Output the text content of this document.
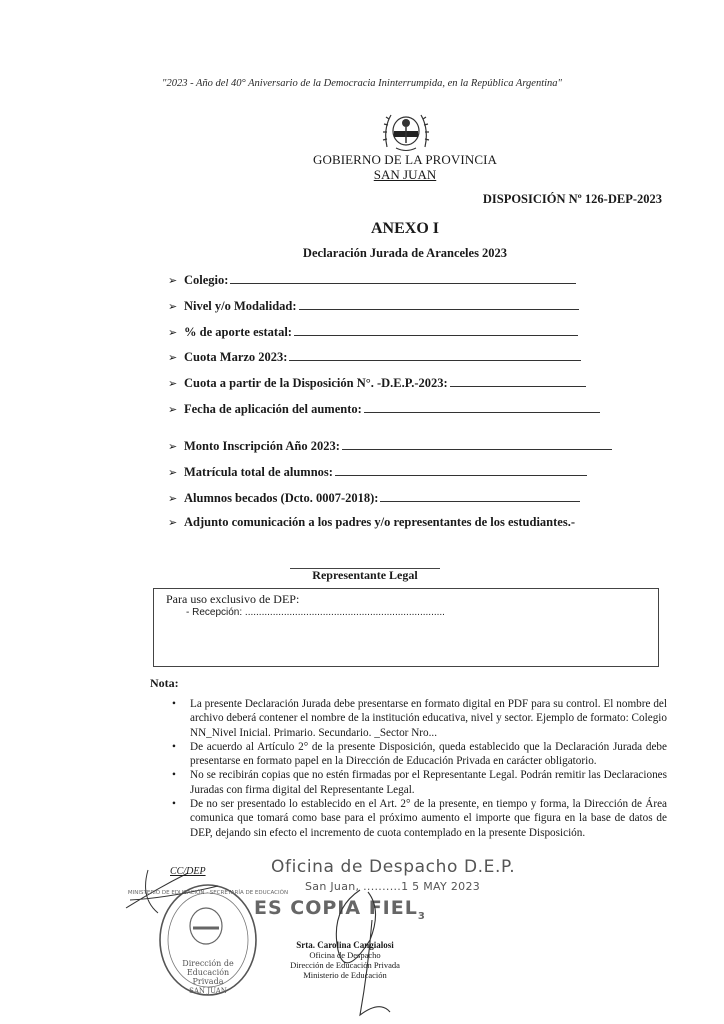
"2023 - Año del 40° Aniversario de la Democracia Ininterrumpida, en la República Argentina"
GOBIERNO DE LA PROVINCIA
SAN JUAN
DISPOSICIÓN Nº 126-DEP-2023
ANEXO I
Declaración Jurada de Aranceles 2023
➢ Colegio:
➢ Nivel y/o Modalidad:
➢ % de aporte estatal:
➢ Cuota Marzo 2023:
➢ Cuota a partir de la Disposición N°. -D.E.P.-2023:
➢ Fecha de aplicación del aumento:
➢ Monto Inscripción Año 2023:
➢ Matrícula total de alumnos:
➢ Alumnos becados (Dcto. 0007-2018):
➢ Adjunto comunicación a los padres y/o representantes de los estudiantes.-
Representante Legal
Para uso exclusivo de DEP:
- Recepción: ........................................................................
Nota:

• La presente Declaración Jurada debe presentarse en formato digital en PDF para su control. El nombre del archivo deberá contener el nombre de la institución educativa, nivel y sector. Ejemplo de formato: Colegio NN_Nivel Inicial. Primario. Secundario. _Sector Nro...

• De acuerdo al Artículo 2° de la presente Disposición, queda establecido que la Declaración Jurada debe presentarse en formato papel en la Dirección de Educación Privada en carácter obligatorio.

• No se recibirán copias que no estén firmadas por el Representante Legal. Podrán remitir las Declaraciones Juradas con firma digital del Representante Legal.

• De no ser presentado lo establecido en el Art. 2° de la presente, en tiempo y forma, la Dirección de Área comunica que tomará como base para el próximo aumento el importe que figura en la base de datos de DEP, dejando sin efecto el incremento de cuota contemplado en la presente Disposición.

Dirección de
Educación
Privada
SAN JUAN
MINISTERIO DE EDUCACIÓN · SECRETARÍA DE EDUCACIÓN
CC/DEP	Oficina de Despacho D.E.P.
San Juan, ..........1 5 MAY 2023
ES COPIA $FIEL_3$
Srta. Carolina Cangialosi
Oficina de Despacho
Dirección de Educación Privada
Ministerio de Educación
